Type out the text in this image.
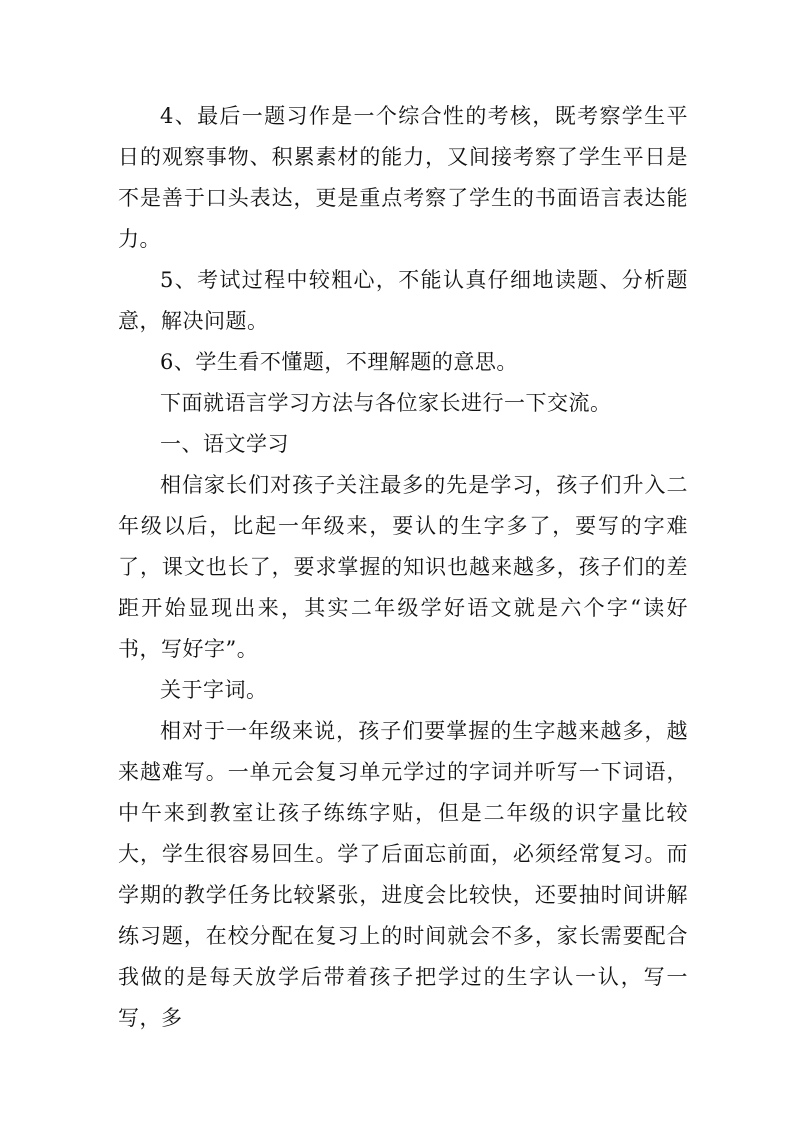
4、最后一题习作是一个综合性的考核，既考察学生平日的观察事物、积累素材的能力，又间接考察了学生平日是不是善于口头表达，更是重点考察了学生的书面语言表达能力。

5、考试过程中较粗心，不能认真仔细地读题、分析题意，解决问题。

6、学生看不懂题，不理解题的意思。

下面就语言学习方法与各位家长进行一下交流。

一、语文学习

相信家长们对孩子关注最多的先是学习，孩子们升入二年级以后，比起一年级来，要认的生字多了，要写的字难了，课文也长了，要求掌握的知识也越来越多，孩子们的差距开始显现出来，其实二年级学好语文就是六个字“读好书，写好字”。

关于字词。

相对于一年级来说，孩子们要掌握的生字越来越多，越来越难写。一单元会复习单元学过的字词并听写一下词语，中午来到教室让孩子练练字贴，但是二年级的识字量比较大，学生很容易回生。学了后面忘前面，必须经常复习。而学期的教学任务比较紧张，进度会比较快，还要抽时间讲解练习题，在校分配在复习上的时间就会不多，家长需要配合我做的是每天放学后带着孩子把学过的生字认一认，写一写，多
